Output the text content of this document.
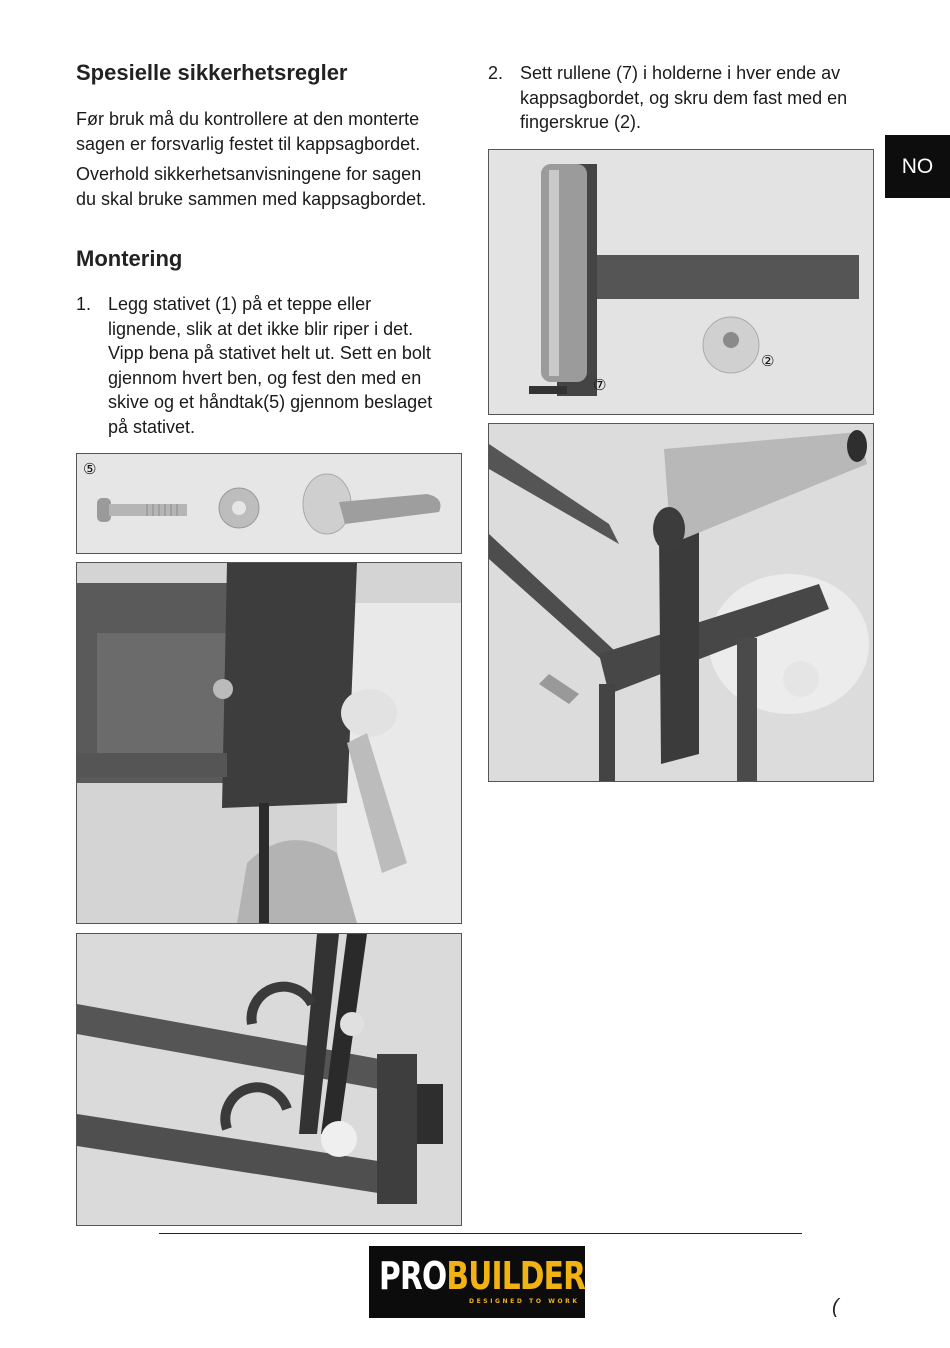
Spesielle sikkerhetsregler

Før bruk må du kontrollere at den monterte

sagen er forsvarlig festet til kappsagbordet.

Overhold sikkerhetsanvisningene for sagen

du skal bruke sammen med kappsagbordet.

Montering
1. Legg stativet (1) på et teppe eller
lignende, slik at det ikke blir riper i det.
Vipp bena på stativet helt ut. Sett en bolt
gjennom hvert ben, og fest den med en
skive og et håndtak(5) gjennom beslaget
på stativet.
⑤
2. Sett rullene (7) i holderne i hver ende av
kappsagbordet, og skru dem fast med en
fingerskrue (2).
⑦
②
NO
PROBUILDER
DESIGNED TO WORK	(
